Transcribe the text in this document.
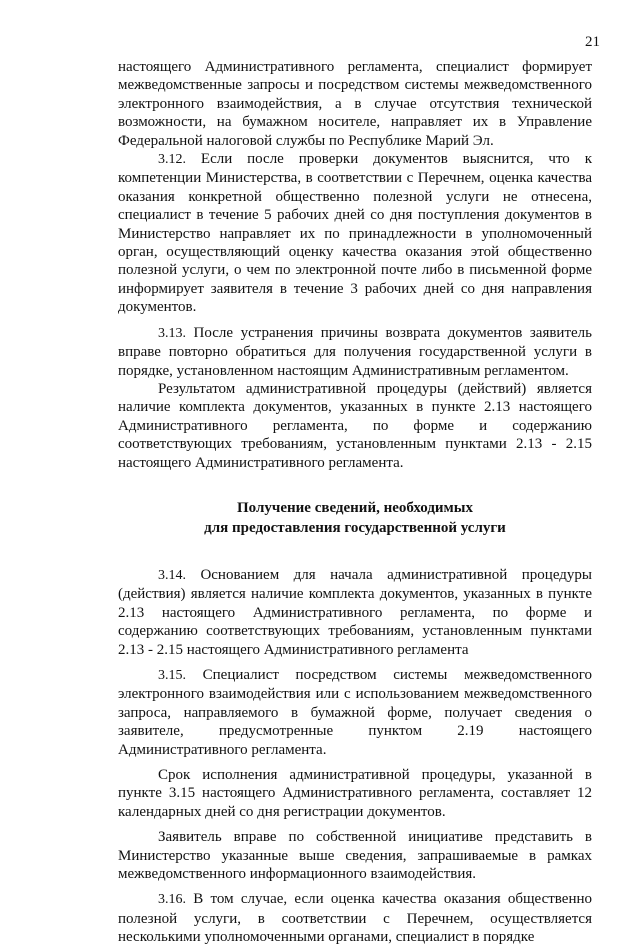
21

настоящего Административного регламента, специалист формирует межведомственные запросы и посредством системы межведомственного электронного взаимодействия, а в случае отсутствия технической возможности, на бумажном носителе, направляет их в Управление Федеральной налоговой службы по Республике Марий Эл.

3.12. Если после проверки документов выяснится, что к компетенции Министерства, в соответствии с Перечнем, оценка качества оказания конкретной общественно полезной услуги не отнесена, специалист в течение 5 рабочих дней со дня поступления документов в Министерство направляет их по принадлежности в уполномоченный орган, осуществляющий оценку качества оказания этой общественно полезной услуги, о чем по электронной почте либо в письменной форме информирует заявителя в течение 3 рабочих дней со дня направления документов.

3.13. После устранения причины возврата документов заявитель вправе повторно обратиться для получения государственной услуги в порядке, установленном настоящим Административным регламентом.

Результатом административной процедуры (действий) является наличие комплекта документов, указанных в пункте 2.13 настоящего Административного регламента, по форме и содержанию соответствующих требованиям, установленным пунктами 2.13 - 2.15 настоящего Административного регламента.

Получение сведений, необходимых
для предоставления государственной услуги

3.14. Основанием для начала административной процедуры (действия) является наличие комплекта документов, указанных в пункте 2.13 настоящего Административного регламента, по форме и содержанию соответствующих требованиям, установленным пунктами 2.13 - 2.15 настоящего Административного регламента

3.15. Специалист посредством системы межведомственного электронного взаимодействия или с использованием межведомственного запроса, направляемого в бумажной форме, получает сведения о заявителе, предусмотренные пунктом 2.19 настоящего Административного регламента.

Срок исполнения административной процедуры, указанной в пункте 3.15 настоящего Административного регламента, составляет 12 календарных дней со дня регистрации документов.

Заявитель вправе по собственной инициативе представить в Министерство указанные выше сведения, запрашиваемые в рамках межведомственного информационного взаимодействия.

3.16. В том случае, если оценка качества оказания общественно полезной услуги, в соответствии с Перечнем, осуществляется несколькими уполномоченными органами, специалист в порядке
